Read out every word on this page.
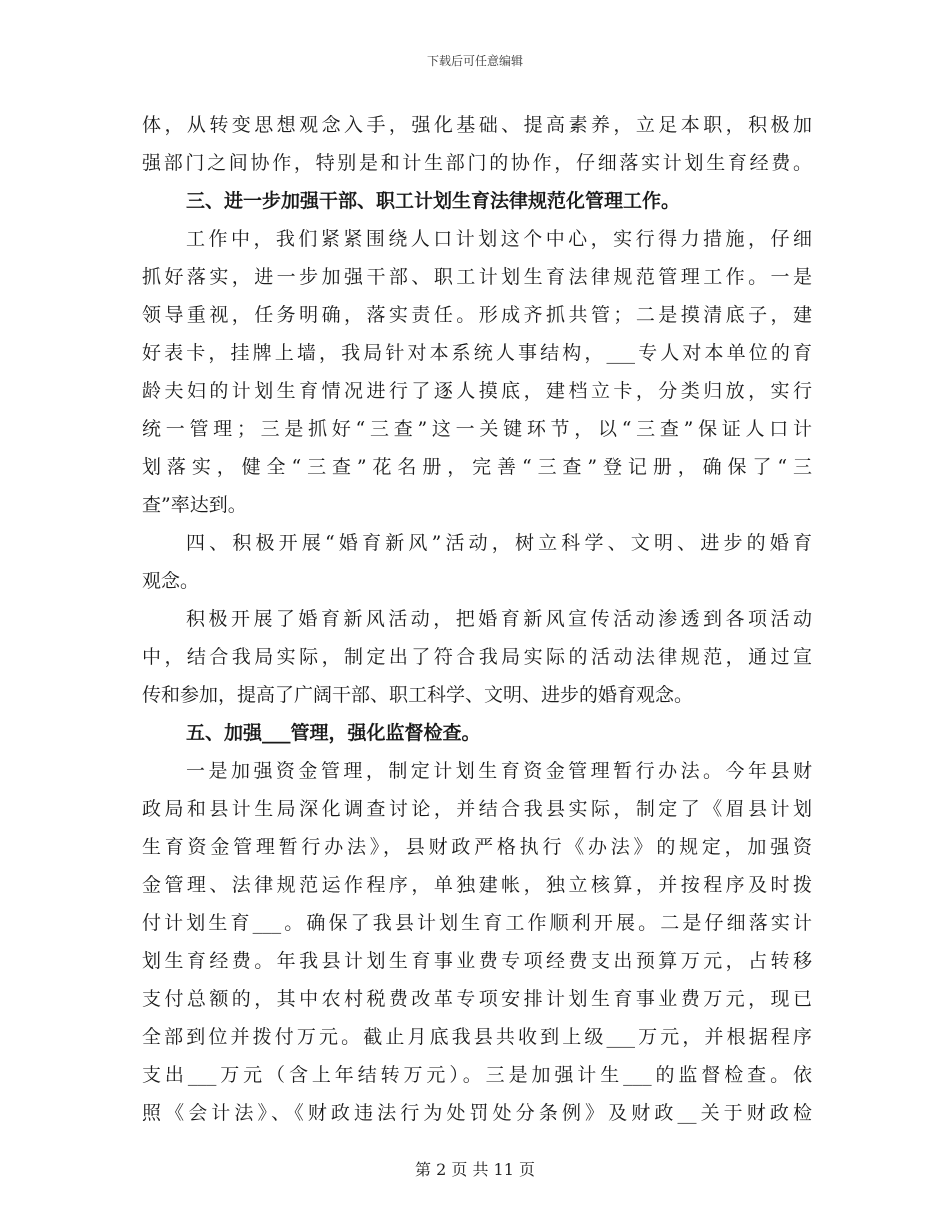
下载后可任意编辑
体，从转变思想观念入手，强化基础、提高素养，立足本职，积极加
强部门之间协作，特别是和计生部门的协作，仔细落实计划生育经费。
三、进一步加强干部、职工计划生育法律规范化管理工作。
工作中，我们紧紧围绕人口计划这个中心，实行得力措施，仔细
抓好落实，进一步加强干部、职工计划生育法律规范管理工作。一是
领导重视，任务明确，落实责任。形成齐抓共管；二是摸清底子，建
好表卡，挂牌上墙，我局针对本系统人事结构，___专人对本单位的育
龄夫妇的计划生育情况进行了逐人摸底，建档立卡，分类归放，实行
统一管理；三是抓好“三查”这一关键环节，以“三查”保证人口计
划落实，健全“三查”花名册，完善“三查”登记册，确保了“三
查”率达到。
四、积极开展“婚育新风”活动，树立科学、文明、进步的婚育
观念。
积极开展了婚育新风活动，把婚育新风宣传活动渗透到各项活动
中，结合我局实际，制定出了符合我局实际的活动法律规范，通过宣
传和参加，提高了广阔干部、职工科学、文明、进步的婚育观念。
五、加强___管理，强化监督检查。
一是加强资金管理，制定计划生育资金管理暂行办法。今年县财
政局和县计生局深化调查讨论，并结合我县实际，制定了《眉县计划
生育资金管理暂行办法》，县财政严格执行《办法》的规定，加强资
金管理、法律规范运作程序，单独建帐，独立核算，并按程序及时拨
付计划生育___。确保了我县计划生育工作顺利开展。二是仔细落实计
划生育经费。年我县计划生育事业费专项经费支出预算万元，占转移
支付总额的，其中农村税费改革专项安排计划生育事业费万元，现已
全部到位并拨付万元。截止月底我县共收到上级___万元，并根据程序
支出___万元（含上年结转万元）。三是加强计生___的监督检查。依
照《会计法》、《财政违法行为处罚处分条例》及财政__关于财政检
第 2 页 共 11 页
